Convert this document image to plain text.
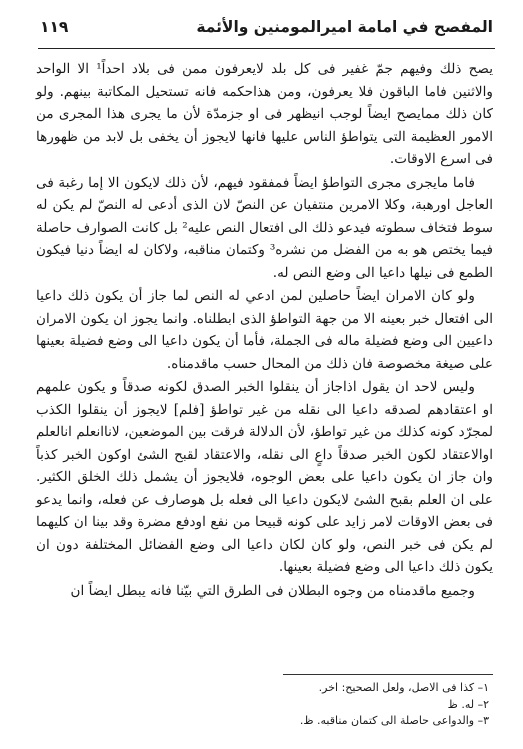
المفصح في امامة اميرالمومنين والأئمة
١١٩

يصح ذلك وفيهم جمّ غفير فى كل بلد لايعرفون ممن فى بلاد احداً¹ الا الواحد والاثنين فاما الباقون فلا يعرفون، ومن هذاحكمه فانه تستحيل المكاتبة بينهم. ولو كان ذلك ممايصح ايضاً لوجب انيظهر فى او جزمدّة لأن ما يجرى هذا المجرى من الامور العظيمة التى يتواطؤ الناس عليها فانها لايجوز أن يخفى بل لابد من ظهورها فى اسرع الاوقات.

فاما مايجرى مجرى التواطؤ ايضاً فمفقود فيهم، لأن ذلك لايكون الا إما رغبة فى العاجل اورهبة، وكلا الامرين منتفيان عن النصّ لان الذى أدعى له النصّ لم يكن له سوط فتخاف سطوته فيدعو ذلك الى افتعال النص عليه² بل كانت الصوارف حاصلة فيما يختص هو به من الفضل من نشره³ وكتمان مناقبه، ولاكان له ايضاً دنيا فيكون الطمع فى نيلها داعيا الى وضع النص له.

ولو كان الامران ايضاً حاصلين لمن ادعي له النص لما جاز أن يكون ذلك داعيا الى افتعال خبر بعينه الا من جهة التواطؤ الذى ابطلناه. وانما يجوز ان يكون الامران داعيين الى وضع فضيلة ماله فى الجملة، فأما أن يكون داعيا الى وضع فضيلة بعينها على صيغة مخصوصة فان ذلك من المحال حسب ماقدمناه.

وليس لاحد ان يقول اذاجاز أن ينقلوا الخبر الصدق لكونه صدقاً و يكون علمهم او اعتقادهم لصدقه داعيا الى نقله من غير تواطؤ [فلم] لايجوز أن ينقلوا الكذب لمجرّد كونه كذلك من غير تواطؤ، لأن الدلالة فرقت بين الموضعين، لاناانعلم انالعلم اوالاعتقاد لكون الخبر صدقاً داعٍ الى نقله، والاعتقاد لقبح الشئ اوكون الخبر كذباً وان جاز ان يكون داعيا على بعض الوجوه، فلايجوز أن يشمل ذلك الخلق الكثير. على ان العلم بقبح الشئ لايكون داعيا الى فعله بل هوصارف عن فعله، وانما يدعو فى بعض الاوقات لامر زايد على كونه قبيحا من نفع اودفع مضرة وقد بينا ان كليهما لم يكن فى خبر النص، ولو كان لكان داعيا الى وضع الفضائل المختلفة دون ان يكون ذلك داعيا الى وضع فضيلة بعينها.

وجميع ماقدمناه من وجوه البطلان فى الطرق التي بيّنا فانه يبطل ايضاً ان

١– كذا فى الاصل، ولعل الصحيح: اخر.
٢– له. ظ
٣– والدواعى حاصلة الى كتمان مناقبه. ظ.
